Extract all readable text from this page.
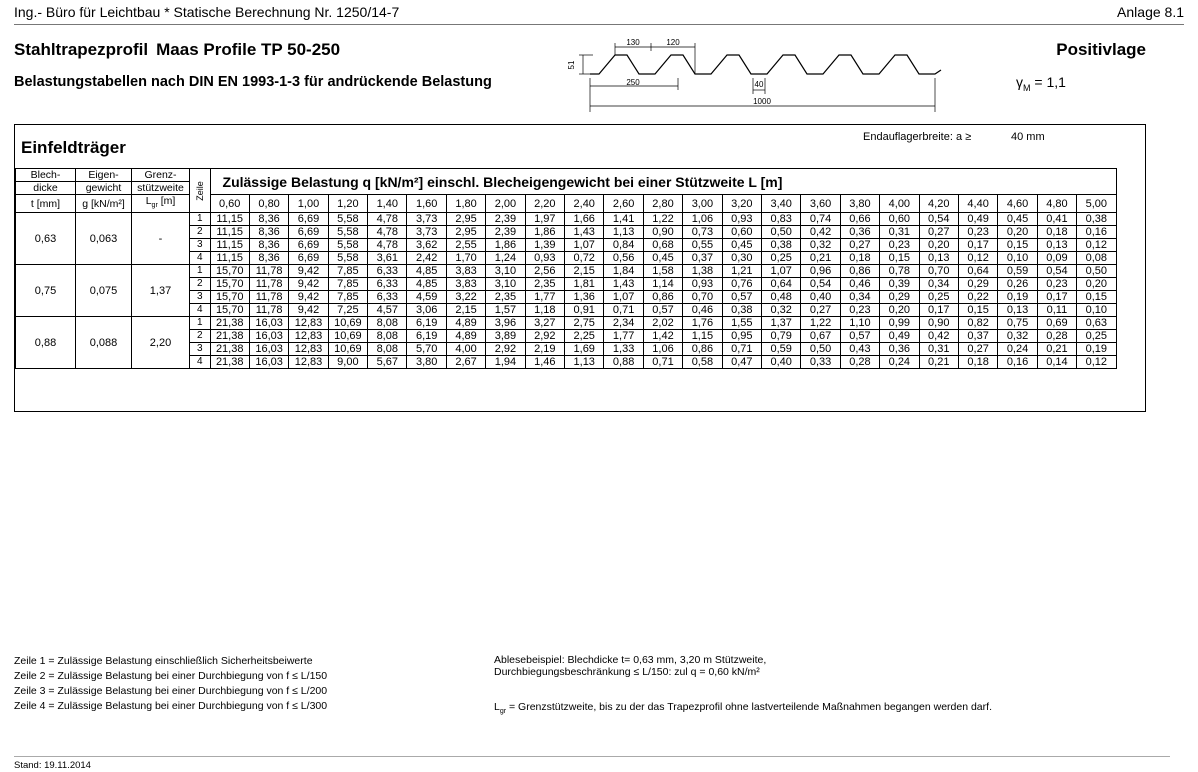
Ing.- Büro für Leichtbau * Statische Berechnung Nr. 1250/14-7	Anlage 8.1
Stahltrapezprofil Maas Profile TP 50-250
Belastungstabellen nach DIN EN 1993-1-3 für andrückende Belastung
Positivlage
$\gamma_M = 1,1$
130	120
51
250	40
1000
Einfeldträger
Endauflagerbreite: a ≥	40 mm
Blech-	Eigen-	Grenz-	Zeile	Zulässige Belastung q [kN/m²] einschl. Blecheigengewicht bei einer Stützweite L [m]																						
dicke	gewicht	stützweite																								
t [mm]	g [kN/m²]	$L_{gr}$ [m]		0,60	0,80	1,00	1,20	1,40	1,60	1,80	2,00	2,20	2,40	2,60	2,80	3,00	3,20	3,40	3,60	3,80	4,00	4,20	4,40	4,60	4,80	5,00
0,63	0,063	-	1	11,15	8,36	6,69	5,58	4,78	3,73	2,95	2,39	1,97	1,66	1,41	1,22	1,06	0,93	0,83	0,74	0,66	0,60	0,54	0,49	0,45	0,41	0,38
			2	11,15	8,36	6,69	5,58	4,78	3,73	2,95	2,39	1,86	1,43	1,13	0,90	0,73	0,60	0,50	0,42	0,36	0,31	0,27	0,23	0,20	0,18	0,16
			3	11,15	8,36	6,69	5,58	4,78	3,62	2,55	1,86	1,39	1,07	0,84	0,68	0,55	0,45	0,38	0,32	0,27	0,23	0,20	0,17	0,15	0,13	0,12
			4	11,15	8,36	6,69	5,58	3,61	2,42	1,70	1,24	0,93	0,72	0,56	0,45	0,37	0,30	0,25	0,21	0,18	0,15	0,13	0,12	0,10	0,09	0,08
0,75	0,075	1,37	1	15,70	11,78	9,42	7,85	6,33	4,85	3,83	3,10	2,56	2,15	1,84	1,58	1,38	1,21	1,07	0,96	0,86	0,78	0,70	0,64	0,59	0,54	0,50
			2	15,70	11,78	9,42	7,85	6,33	4,85	3,83	3,10	2,35	1,81	1,43	1,14	0,93	0,76	0,64	0,54	0,46	0,39	0,34	0,29	0,26	0,23	0,20
			3	15,70	11,78	9,42	7,85	6,33	4,59	3,22	2,35	1,77	1,36	1,07	0,86	0,70	0,57	0,48	0,40	0,34	0,29	0,25	0,22	0,19	0,17	0,15
			4	15,70	11,78	9,42	7,25	4,57	3,06	2,15	1,57	1,18	0,91	0,71	0,57	0,46	0,38	0,32	0,27	0,23	0,20	0,17	0,15	0,13	0,11	0,10
0,88	0,088	2,20	1	21,38	16,03	12,83	10,69	8,08	6,19	4,89	3,96	3,27	2,75	2,34	2,02	1,76	1,55	1,37	1,22	1,10	0,99	0,90	0,82	0,75	0,69	0,63
			2	21,38	16,03	12,83	10,69	8,08	6,19	4,89	3,89	2,92	2,25	1,77	1,42	1,15	0,95	0,79	0,67	0,57	0,49	0,42	0,37	0,32	0,28	0,25
			3	21,38	16,03	12,83	10,69	8,08	5,70	4,00	2,92	2,19	1,69	1,33	1,06	0,86	0,71	0,59	0,50	0,43	0,36	0,31	0,27	0,24	0,21	0,19
			4	21,38	16,03	12,83	9,00	5,67	3,80	2,67	1,94	1,46	1,13	0,88	0,71	0,58	0,47	0,40	0,33	0,28	0,24	0,21	0,18	0,16	0,14	0,12
Zeile 1 = Zulässige Belastung einschließlich Sicherheitsbeiwerte
Zeile 2 = Zulässige Belastung bei einer Durchbiegung von f ≤ L/150
Zeile 3 = Zulässige Belastung bei einer Durchbiegung von f ≤ L/200
Zeile 4 = Zulässige Belastung bei einer Durchbiegung von f ≤ L/300
Ablesebeispiel: Blechdicke t= 0,63 mm, 3,20 m Stützweite,
Durchbiegungsbeschränkung ≤ L/150: zul q = 0,60 kN/m²
$L_{gr}$ = Grenzstützweite, bis zu der das Trapezprofil ohne lastverteilende Maßnahmen begangen werden darf.
Stand: 19.11.2014
